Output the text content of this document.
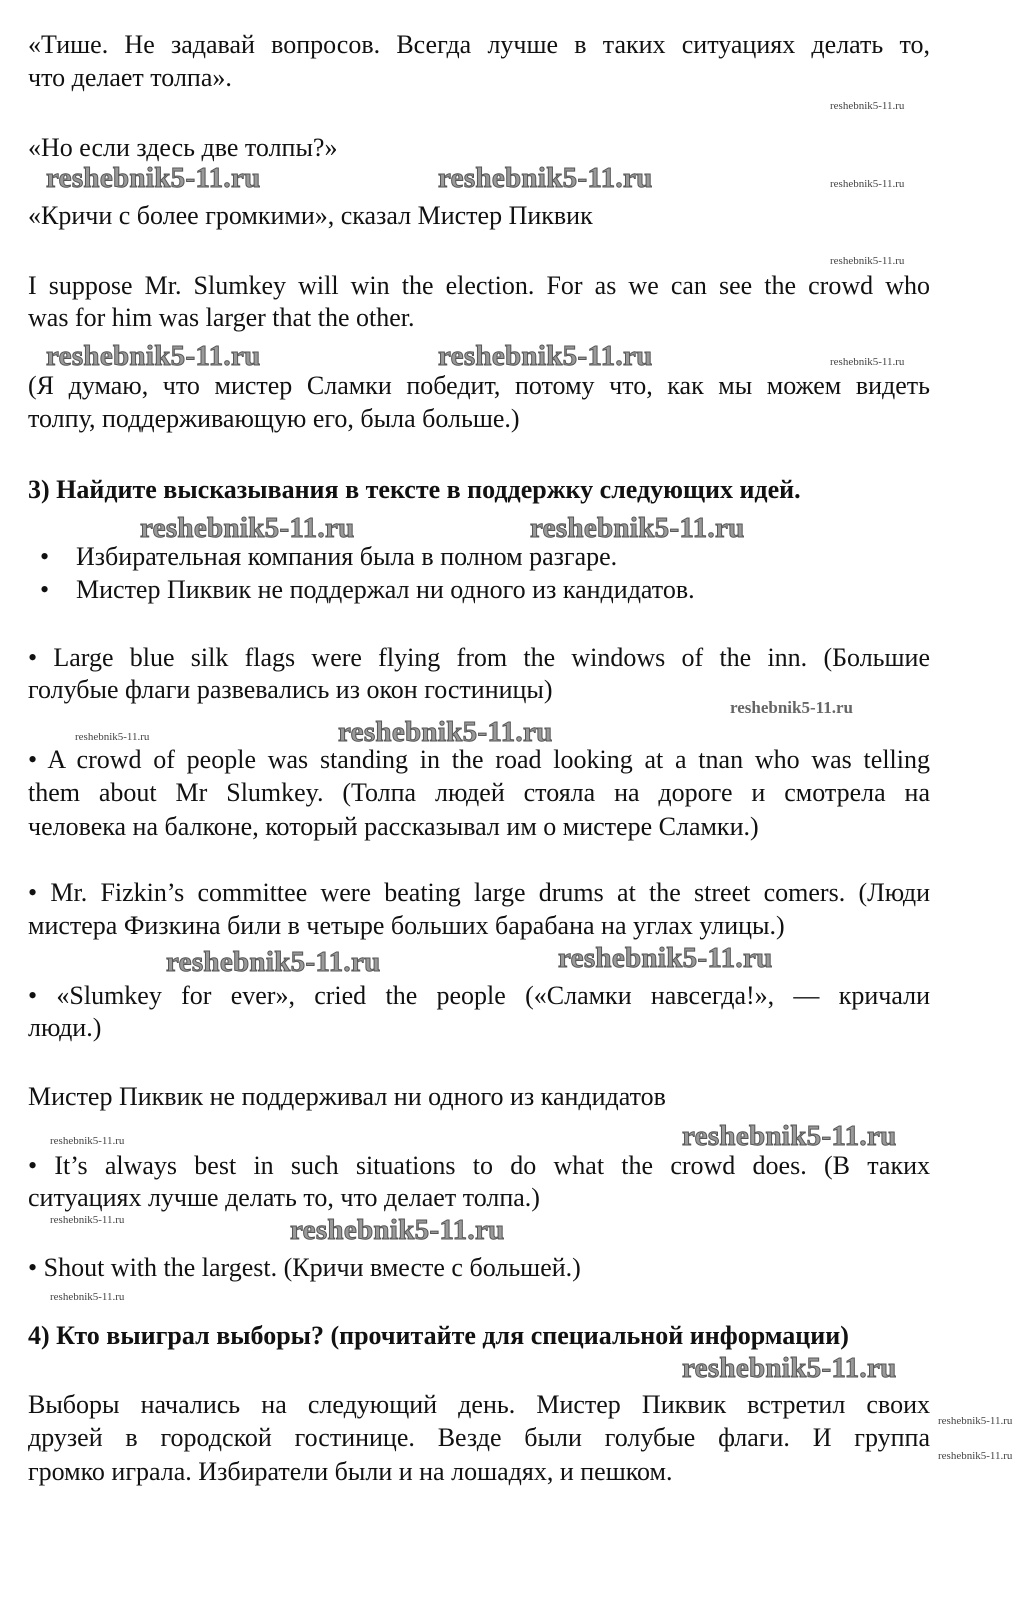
«Тише. Не задавай вопросов. Всегда лучше в таких ситуациях делать то,
что делает толпа».
«Но если здесь две толпы?»
«Кричи с более громкими», сказал Мистер Пиквик
I suppose Mr. Slumkey will win the election. For as we can see the crowd who
was for him was larger that the other.
(Я думаю, что мистер Сламки победит, потому что, как мы можем видеть
толпу, поддерживающую его, была больше.)
3) Найдите высказывания в тексте в поддержку следующих идей.
• Избирательная компания была в полном разгаре.
• Мистер Пиквик не поддержал ни одного из кандидатов.
• Large blue silk flags were flying from the windows of the inn. (Большие
голубые флаги развевались из окон гостиницы)
• A crowd of people was standing in the road looking at a tnan who was telling
them about Mr Slumkey. (Толпа людей стояла на дороге и смотрела на
человека на балконе, который рассказывал им о мистере Сламки.)
• Mr. Fizkin’s committee were beating large drums at the street comers. (Люди
мистера Физкина били в четыре больших барабана на углах улицы.)
• «Slumkey for ever», cried the people («Сламки навсегда!», — кричали
люди.)
Мистер Пиквик не поддерживал ни одного из кандидатов
• It’s always best in such situations to do what the crowd does. (В таких
ситуациях лучше делать то, что делает толпа.)
• Shout with the largest. (Кричи вместе с большей.)
4) Кто выиграл выборы? (прочитайте для специальной информации)
Выборы начались на следующий день. Мистер Пиквик встретил своих
друзей в городской гостинице. Везде были голубые флаги. И группа
громко играла. Избиратели были и на лошадях, и пешком.
reshebnik5-11.ru	reshebnik5-11.ru
reshebnik5-11.ru	reshebnik5-11.ru
reshebnik5-11.ru	reshebnik5-11.ru
reshebnik5-11.ru
reshebnik5-11.ru	reshebnik5-11.ru
reshebnik5-11.ru
reshebnik5-11.ru
reshebnik5-11.ru
reshebnik5-11.ru
reshebnik5-11.ru
reshebnik5-11.ru
reshebnik5-11.ru
reshebnik5-11.ru
reshebnik5-11.ru
reshebnik5-11.ru
reshebnik5-11.ru
reshebnik5-11.ru
reshebnik5-11.ru
reshebnik5-11.ru
